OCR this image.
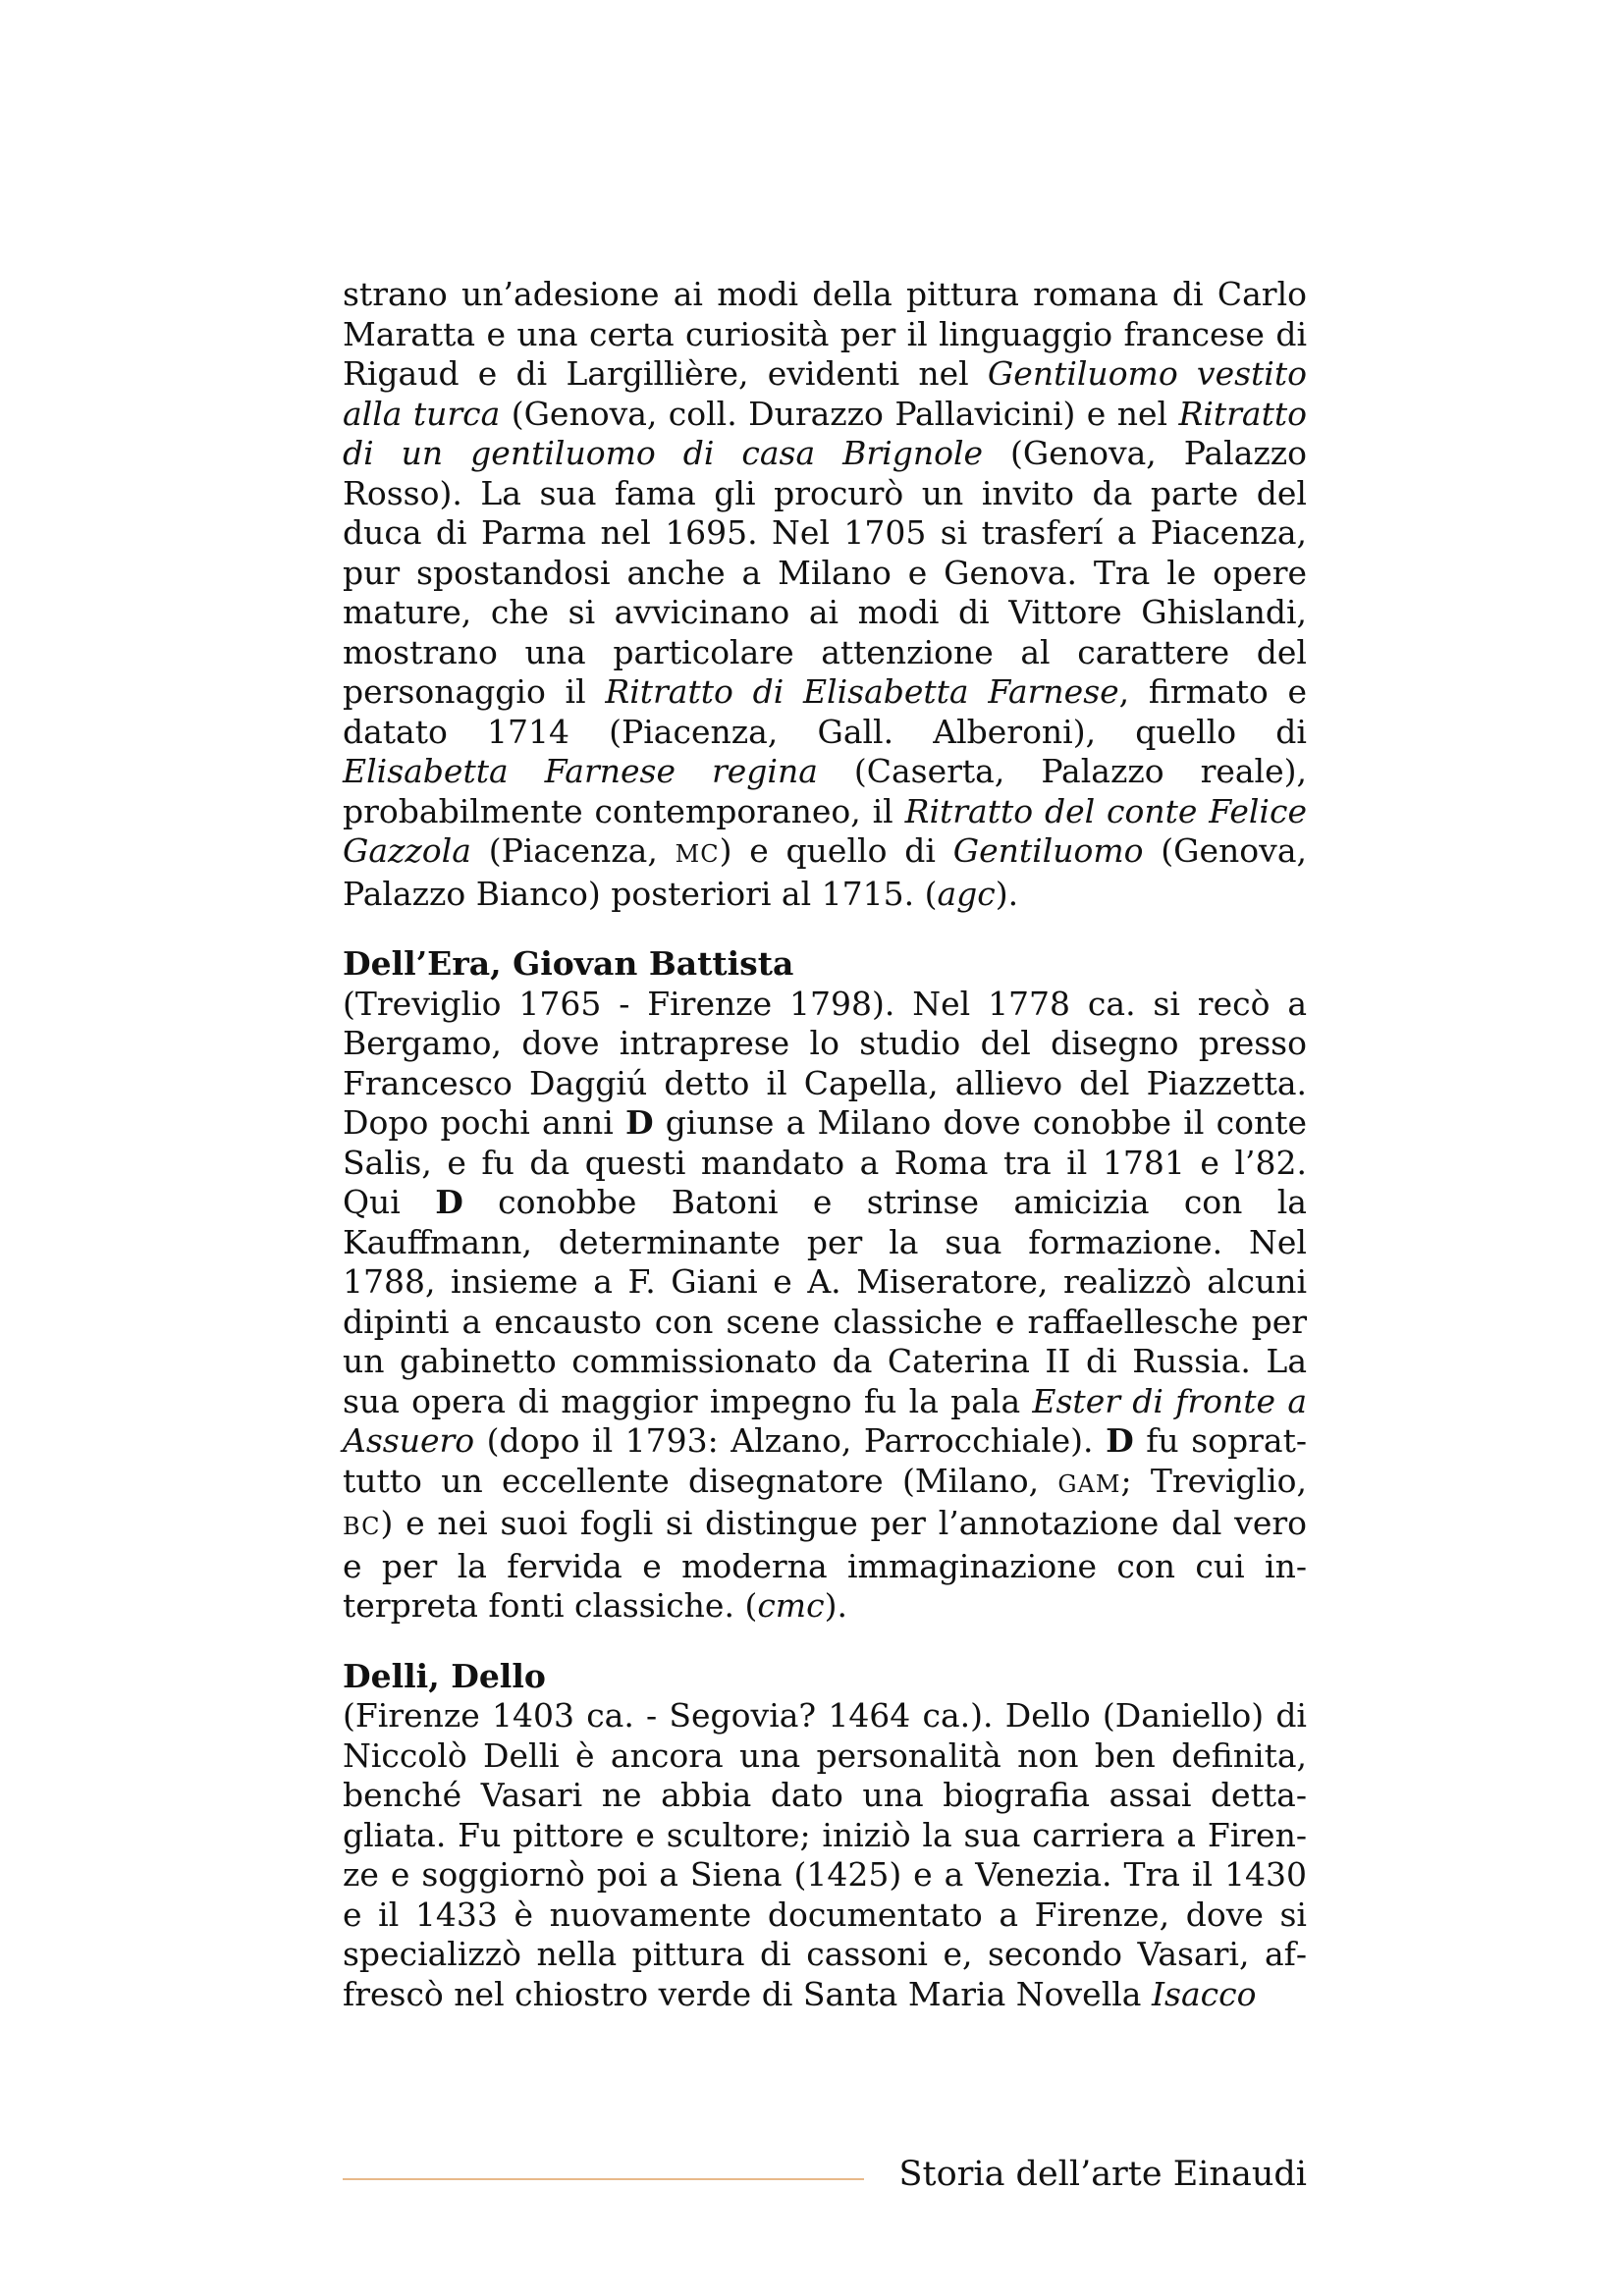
strano un’adesione ai modi della pittura romana di Carlo Maratta e una certa curiosità per il linguaggio francese di Rigaud e di Largillière, evidenti nel Gentiluomo vestito alla turca (Genova, coll. Durazzo Pallavicini) e nel Ritratto di un gentiluomo di casa Brignole (Genova, Palazzo Rosso). La sua fama gli procurò un invito da parte del duca di Parma nel 1695. Nel 1705 si trasferí a Piacenza, pur spostandosi anche a Milano e Genova. Tra le opere mature, che si avvicinano ai modi di Vittore Ghislandi, mostrano una particolare attenzione al carattere del personaggio il Ritratto di Elisabetta Farnese, firmato e datato 1714 (Piacenza, Gall. Alberoni), quello di Elisabetta Farnese regina (Caserta, Palazzo reale), probabilmente contemporaneo, il Ritratto del conte Felice Gazzola (Piacenza, MC) e quello di Gentiluomo (Genova, Palazzo Bianco) posteriori al 1715. (agc).

Dell’Era, Giovan Battista

(Treviglio 1765 - Firenze 1798). Nel 1778 ca. si recò a Bergamo, dove intraprese lo studio del disegno presso Francesco Daggiú detto il Capella, allievo del Piazzetta. Dopo pochi anni D giunse a Milano dove conobbe il conte Salis, e fu da questi mandato a Roma tra il 1781 e l’82. Qui D conobbe Batoni e strinse amicizia con la Kauffmann, determinante per la sua formazione. Nel 1788, insieme a F. Giani e A. Miseratore, realizzò alcuni dipinti a encausto con scene classiche e raffaellesche per un gabinetto commissionato da Caterina II di Russia. La sua opera di maggior impegno fu la pala Ester di fronte a Assuero (dopo il 1793: Alzano, Parrocchiale). D fu soprattutto un eccellente disegnatore (Milano, GAM; Treviglio, BC) e nei suoi fogli si distingue per l’annotazione dal vero e per la fervida e moderna immaginazione con cui interpreta fonti classiche. (cmc).

Delli, Dello

(Firenze 1403 ca. - Segovia? 1464 ca.). Dello (Daniello) di Niccolò Delli è ancora una personalità non ben definita, benché Vasari ne abbia dato una biografia assai dettagliata. Fu pittore e scultore; iniziò la sua carriera a Firenze e soggiornò poi a Siena (1425) e a Venezia. Tra il 1430 e il 1433 è nuovamente documentato a Firenze, dove si specializzò nella pittura di cassoni e, secondo Vasari, affrescò nel chiostro verde di Santa Maria Novella Isacco

Storia dell’arte Einaudi
